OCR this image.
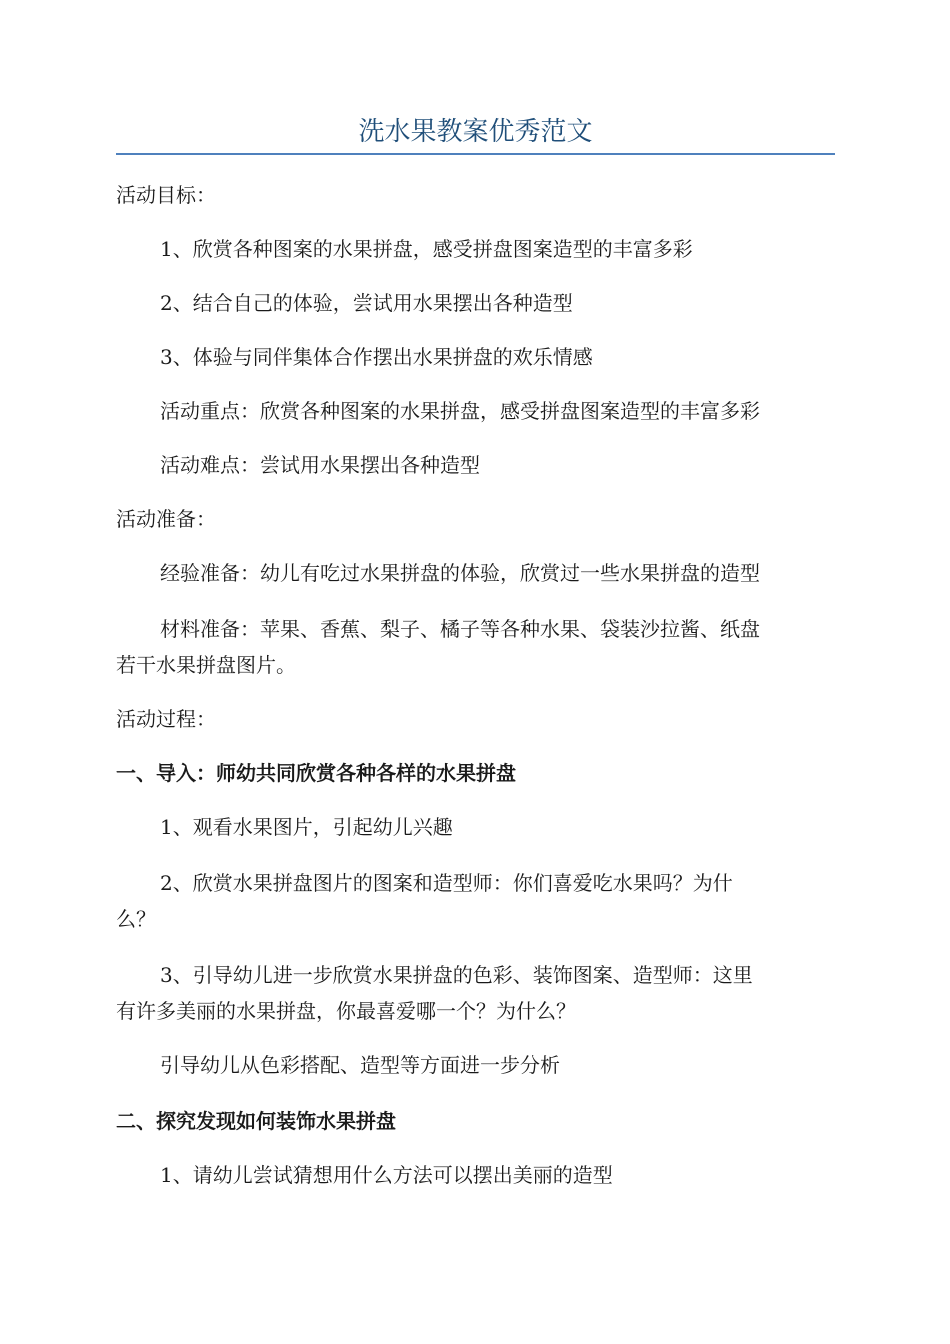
洗水果教案优秀范文

活动目标：

1、欣赏各种图案的水果拼盘，感受拼盘图案造型的丰富多彩

2、结合自己的体验，尝试用水果摆出各种造型

3、体验与同伴集体合作摆出水果拼盘的欢乐情感

活动重点：欣赏各种图案的水果拼盘，感受拼盘图案造型的丰富多彩

活动难点：尝试用水果摆出各种造型

活动准备：

经验准备：幼儿有吃过水果拼盘的体验，欣赏过一些水果拼盘的造型

材料准备：苹果、香蕉、梨子、橘子等各种水果、袋装沙拉酱、纸盘

若干水果拼盘图片。

活动过程：

一、导入：师幼共同欣赏各种各样的水果拼盘

1、观看水果图片，引起幼儿兴趣

2、欣赏水果拼盘图片的图案和造型师：你们喜爱吃水果吗？为什

么？

3、引导幼儿进一步欣赏水果拼盘的色彩、装饰图案、造型师：这里

有许多美丽的水果拼盘，你最喜爱哪一个？为什么？

引导幼儿从色彩搭配、造型等方面进一步分析

二、探究发现如何装饰水果拼盘

1、请幼儿尝试猜想用什么方法可以摆出美丽的造型
